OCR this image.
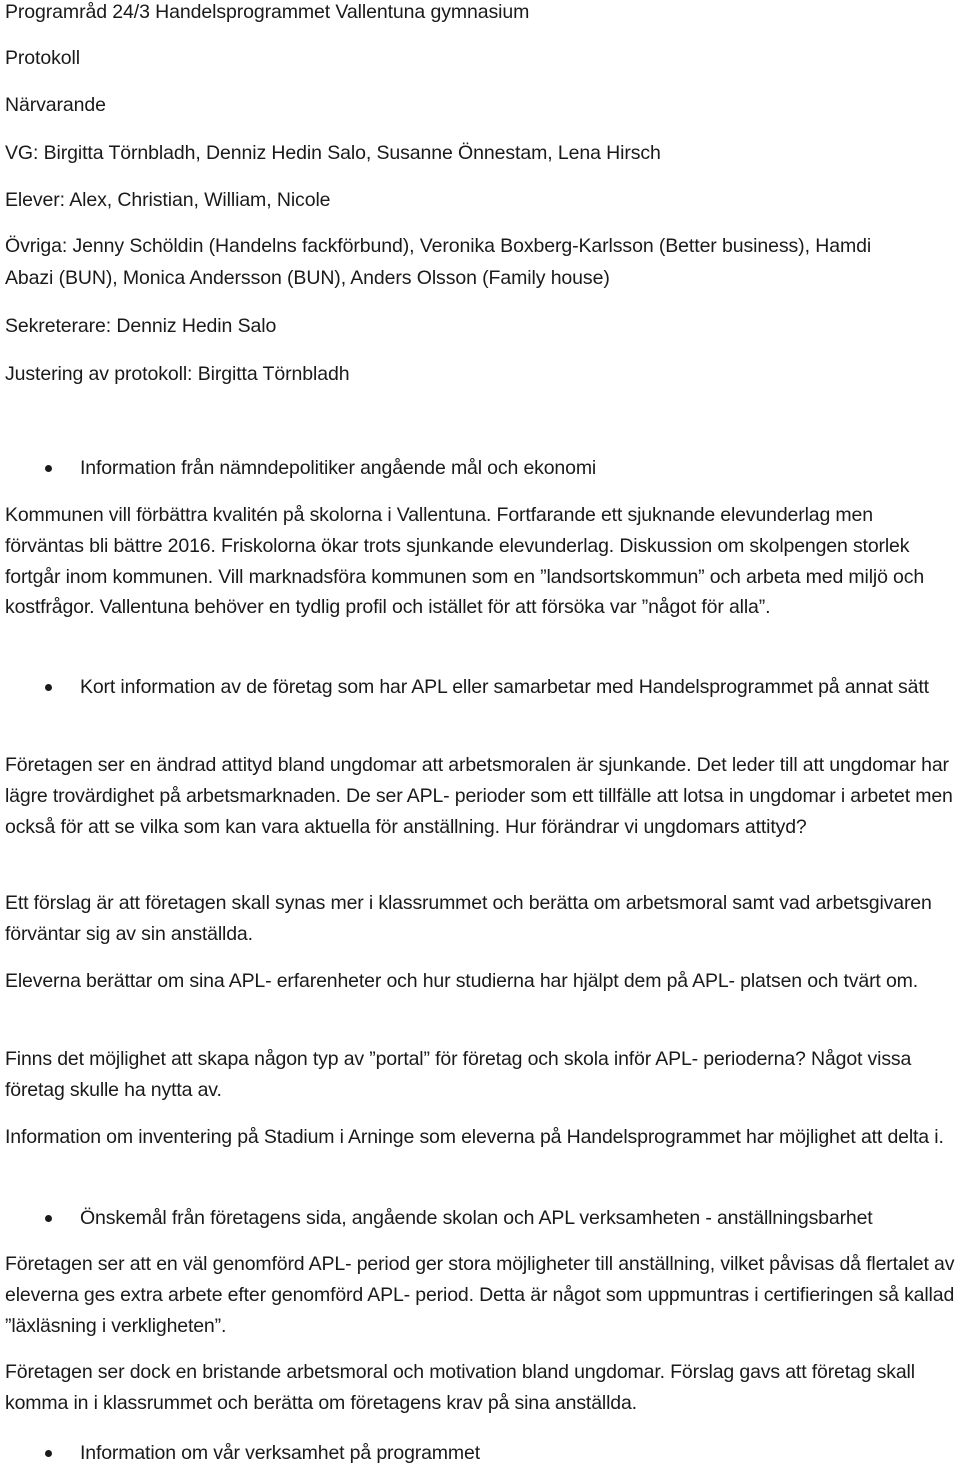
Programråd 24/3 Handelsprogrammet Vallentuna gymnasium
Protokoll
Närvarande
VG: Birgitta Törnbladh, Denniz Hedin Salo, Susanne Önnestam, Lena Hirsch
Elever: Alex, Christian, William, Nicole
Övriga: Jenny Schöldin (Handelns fackförbund), Veronika Boxberg-Karlsson (Better business), Hamdi
Abazi (BUN), Monica Andersson (BUN), Anders Olsson (Family house)
Sekreterare: Denniz Hedin Salo
Justering av protokoll: Birgitta Törnbladh
Information från nämndepolitiker angående mål och ekonomi
Kommunen vill förbättra kvalitén på skolorna i Vallentuna. Fortfarande ett sjuknande elevunderlag men förväntas bli bättre 2016. Friskolorna ökar trots sjunkande elevunderlag. Diskussion om skolpengen storlek fortgår inom kommunen. Vill marknadsföra kommunen som en ”landsortskommun” och arbeta med miljö och kostfrågor. Vallentuna behöver en tydlig profil och istället för att försöka var ”något för alla”.
Kort information av de företag som har APL eller samarbetar med Handelsprogrammet på annat sätt
Företagen ser en ändrad attityd bland ungdomar att arbetsmoralen är sjunkande. Det leder till att ungdomar har lägre trovärdighet på arbetsmarknaden. De ser APL- perioder som ett tillfälle att lotsa in ungdomar i arbetet men också för att se vilka som kan vara aktuella för anställning. Hur förändrar vi ungdomars attityd?
Ett förslag är att företagen skall synas mer i klassrummet och berätta om arbetsmoral samt vad arbetsgivaren förväntar sig av sin anställda.
Eleverna berättar om sina APL- erfarenheter och hur studierna har hjälpt dem på APL- platsen och tvärt om.
Finns det möjlighet att skapa någon typ av ”portal” för företag och skola inför APL- perioderna? Något vissa företag skulle ha nytta av.
Information om inventering på Stadium i Arninge som eleverna på Handelsprogrammet har möjlighet att delta i.
Önskemål från företagens sida, angående skolan och APL verksamheten - anställningsbarhet
Företagen ser att en väl genomförd APL- period ger stora möjligheter till anställning, vilket påvisas då flertalet av eleverna ges extra arbete efter genomförd APL- period. Detta är något som uppmuntras i certifieringen så kallad ”läxläsning i verkligheten”.
Företagen ser dock en bristande arbetsmoral och motivation bland ungdomar. Förslag gavs att företag skall komma in i klassrummet och berätta om företagens krav på sina anställda.
Information om vår verksamhet på programmet
